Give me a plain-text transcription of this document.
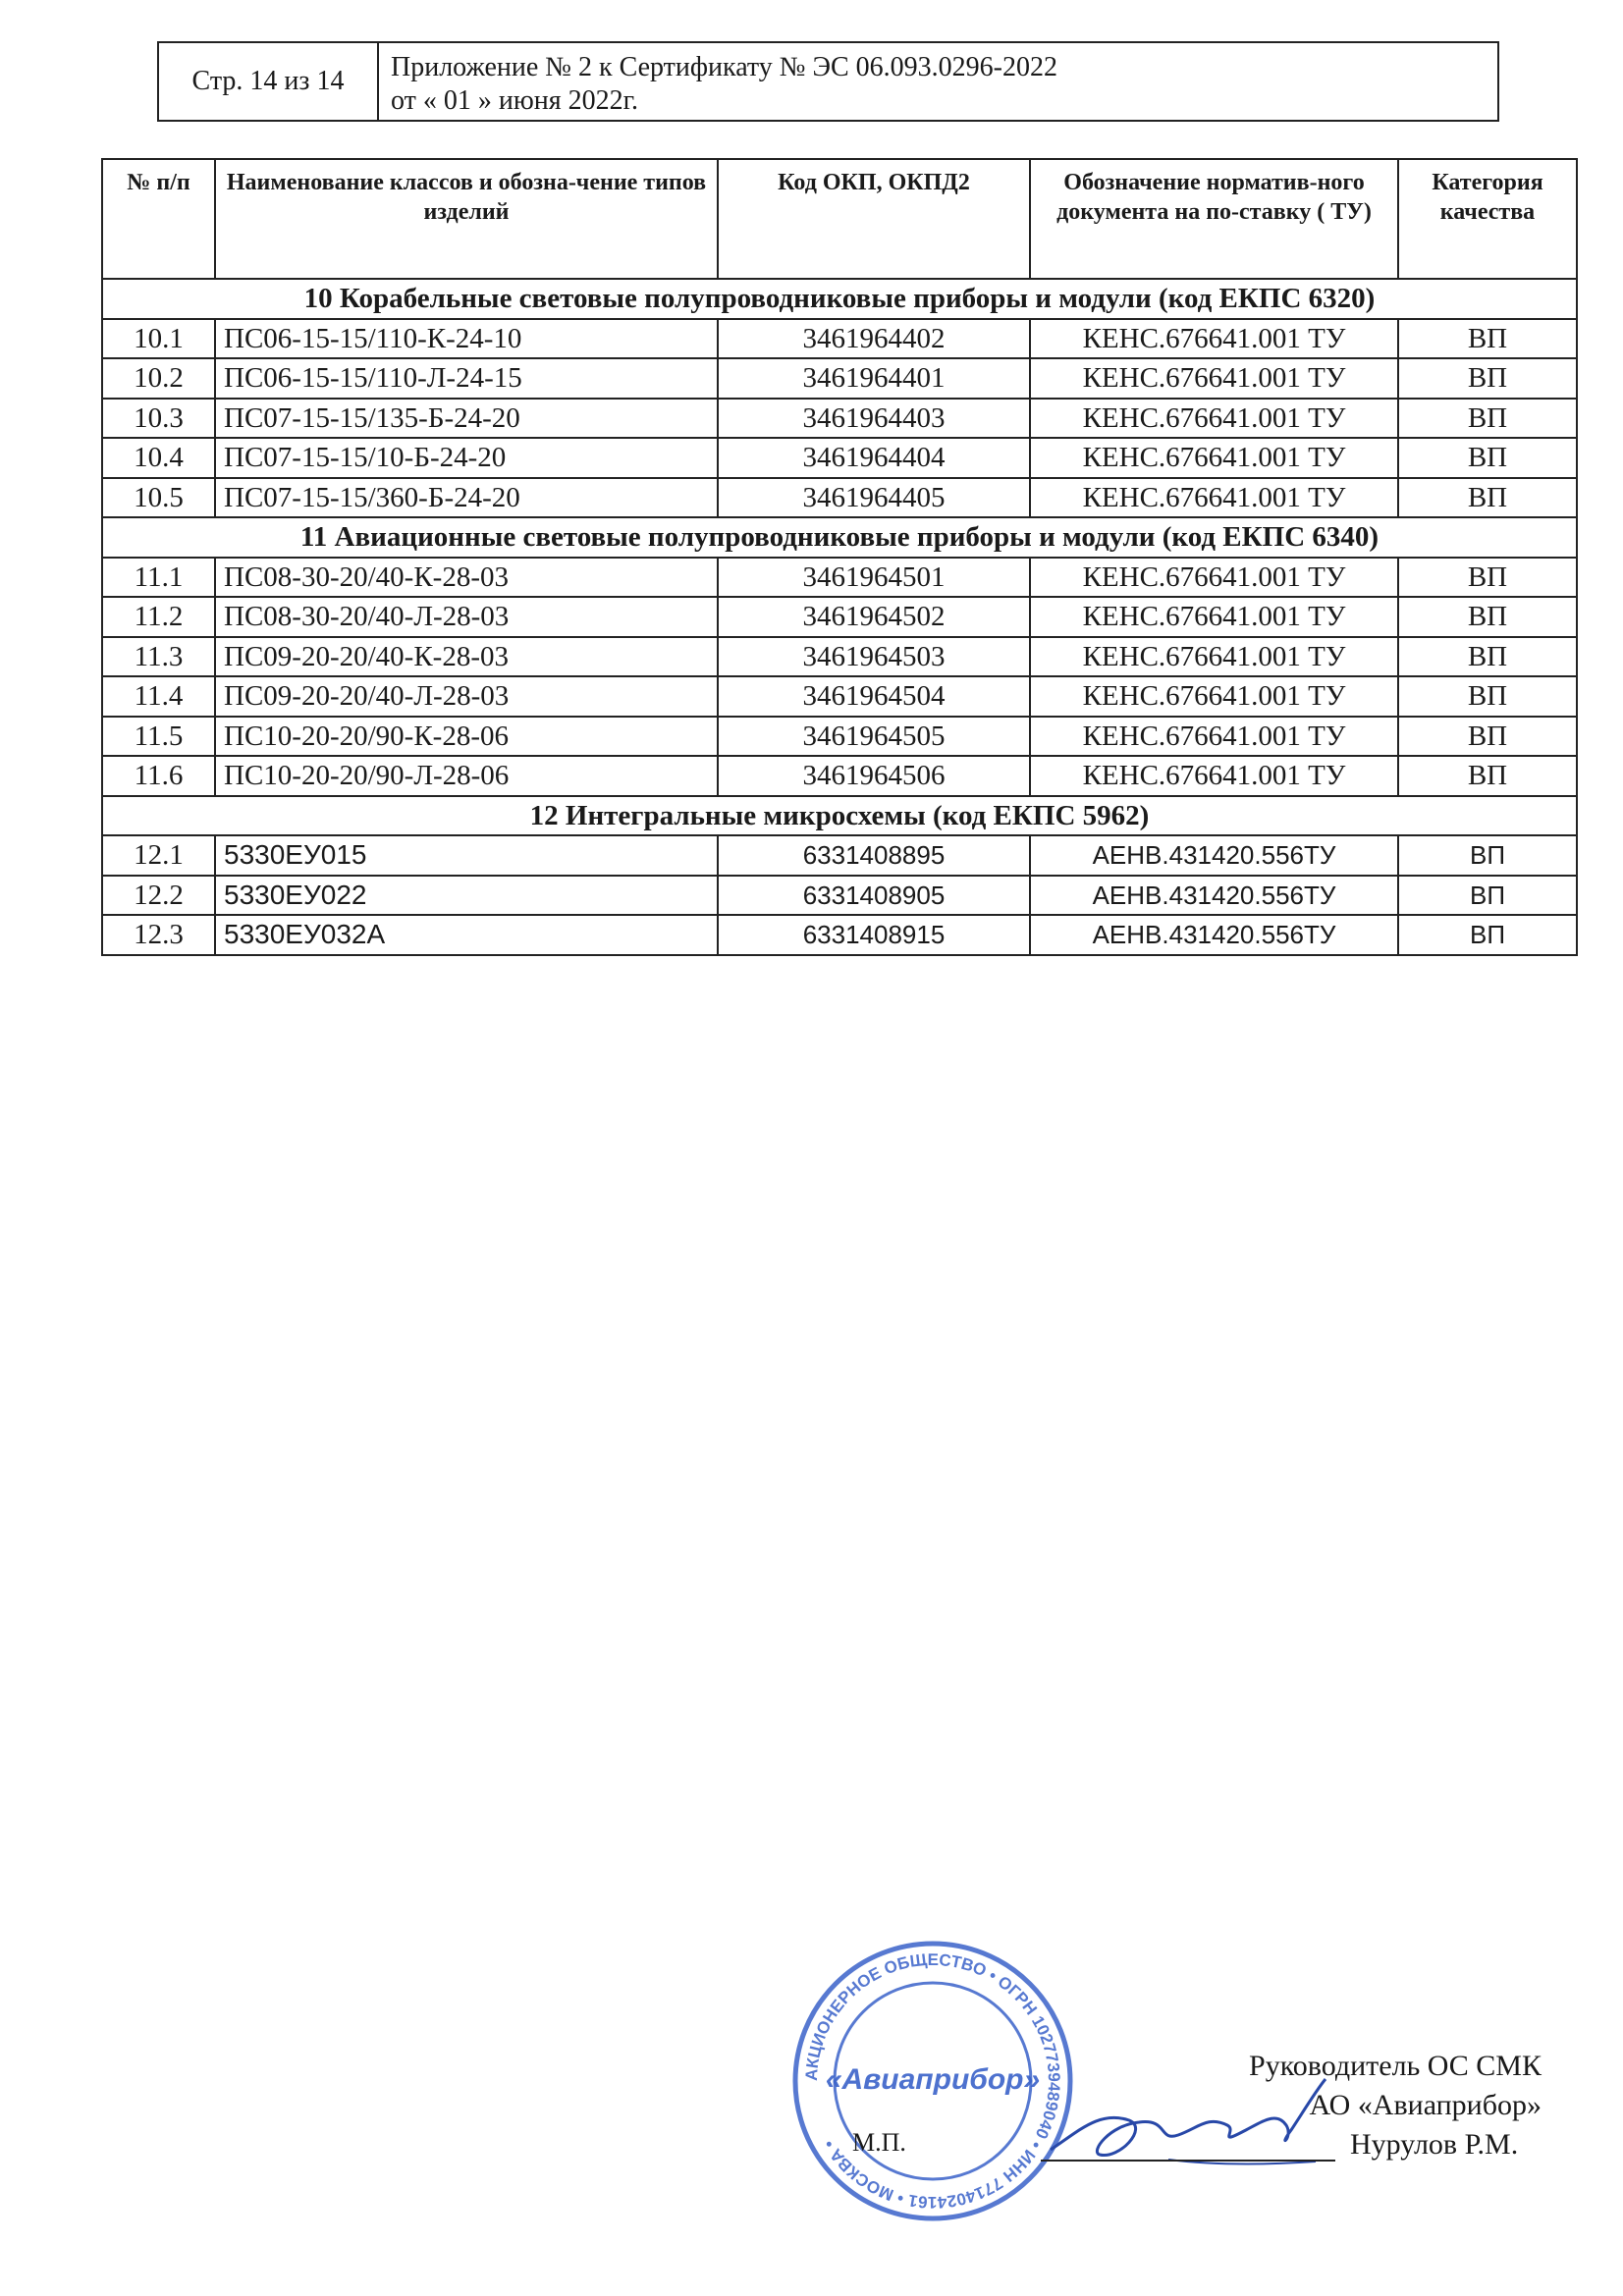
Стр. 14 из 14	Приложение № 2 к Сертификату № ЭС 06.093.0296-2022
от « 01 » июня 2022г.
№ п/п	Наименование классов и обозна-чение типов изделий	Код ОКП, ОКПД2	Обозначение норматив-ного документа на по-ставку ( ТУ)	Категория качества
10 Корабельные световые полупроводниковые приборы и модули (код ЕКПС 6320)				
10.1	ПС06-15-15/110-К-24-10	3461964402	КЕНС.676641.001 ТУ	ВП
10.2	ПС06-15-15/110-Л-24-15	3461964401	КЕНС.676641.001 ТУ	ВП
10.3	ПС07-15-15/135-Б-24-20	3461964403	КЕНС.676641.001 ТУ	ВП
10.4	ПС07-15-15/10-Б-24-20	3461964404	КЕНС.676641.001 ТУ	ВП
10.5	ПС07-15-15/360-Б-24-20	3461964405	КЕНС.676641.001 ТУ	ВП
11 Авиационные световые полупроводниковые приборы и модули (код ЕКПС 6340)				
11.1	ПС08-30-20/40-К-28-03	3461964501	КЕНС.676641.001 ТУ	ВП
11.2	ПС08-30-20/40-Л-28-03	3461964502	КЕНС.676641.001 ТУ	ВП
11.3	ПС09-20-20/40-К-28-03	3461964503	КЕНС.676641.001 ТУ	ВП
11.4	ПС09-20-20/40-Л-28-03	3461964504	КЕНС.676641.001 ТУ	ВП
11.5	ПС10-20-20/90-К-28-06	3461964505	КЕНС.676641.001 ТУ	ВП
11.6	ПС10-20-20/90-Л-28-06	3461964506	КЕНС.676641.001 ТУ	ВП
12 Интегральные микросхемы (код ЕКПС 5962)				
12.1	5330ЕУ015	6331408895	АЕНВ.431420.556ТУ	ВП
12.2	5330ЕУ022	6331408905	АЕНВ.431420.556ТУ	ВП
12.3	5330ЕУ032А	6331408915	АЕНВ.431420.556ТУ	ВП
АКЦИОНЕРНОЕ ОБЩЕСТВО • ОГРН 1027739489040 • ИНН 7714024161 • МОСКВА •
«Авиаприбор»
М.П.
Руководитель ОС СМК
АО «Авиаприбор»
Нурулов Р.М.
